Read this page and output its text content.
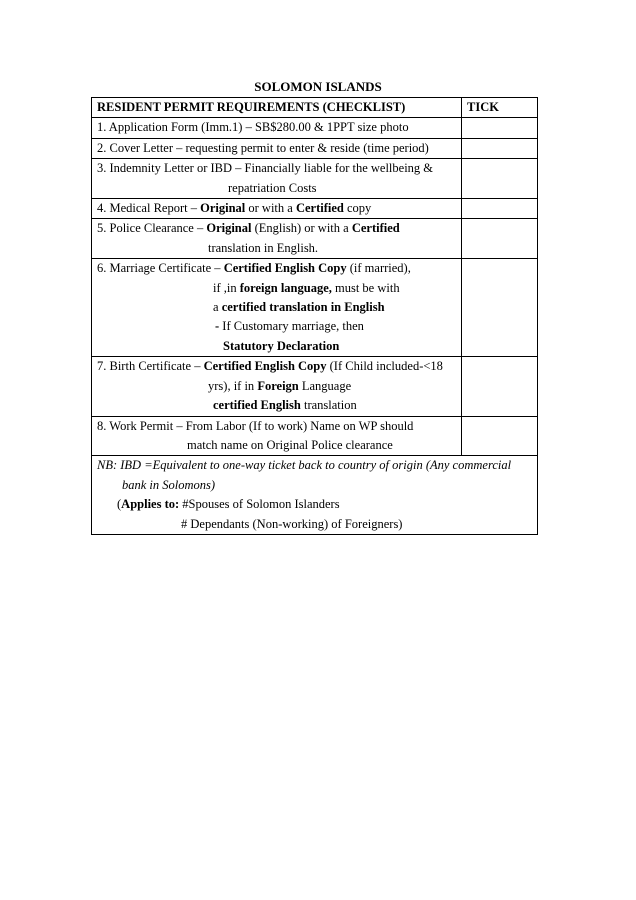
SOLOMON ISLANDS
RESIDENT PERMIT REQUIREMENTS (CHECKLIST)	TICK

1. Application Form (Imm.1) – SB$280.00 & 1PPT size photo	

2. Cover Letter – requesting permit to enter & reside (time period)	

3. Indemnity Letter or IBD – Financially liable for the wellbeing &
repatriation Costs	

4. Medical Report – Original or with a Certified copy	

5. Police Clearance – Original (English) or with a Certified
translation in English.	

6. Marriage Certificate – Certified English Copy (if married),
if ,in foreign language, must be with
a certified translation in English
- If Customary marriage, then
Statutory Declaration	

7. Birth Certificate – Certified English Copy (If Child included-<18
yrs), if in Foreign Language
certified English translation	

8. Work Permit – From Labor (If to work) Name on WP should
match name on Original Police clearance	

NB: IBD =Equivalent to one-way ticket back to country of origin (Any commercial
bank in Solomons)
(Applies to: #Spouses of Solomon Islanders
# Dependants (Non-working) of Foreigners)	
